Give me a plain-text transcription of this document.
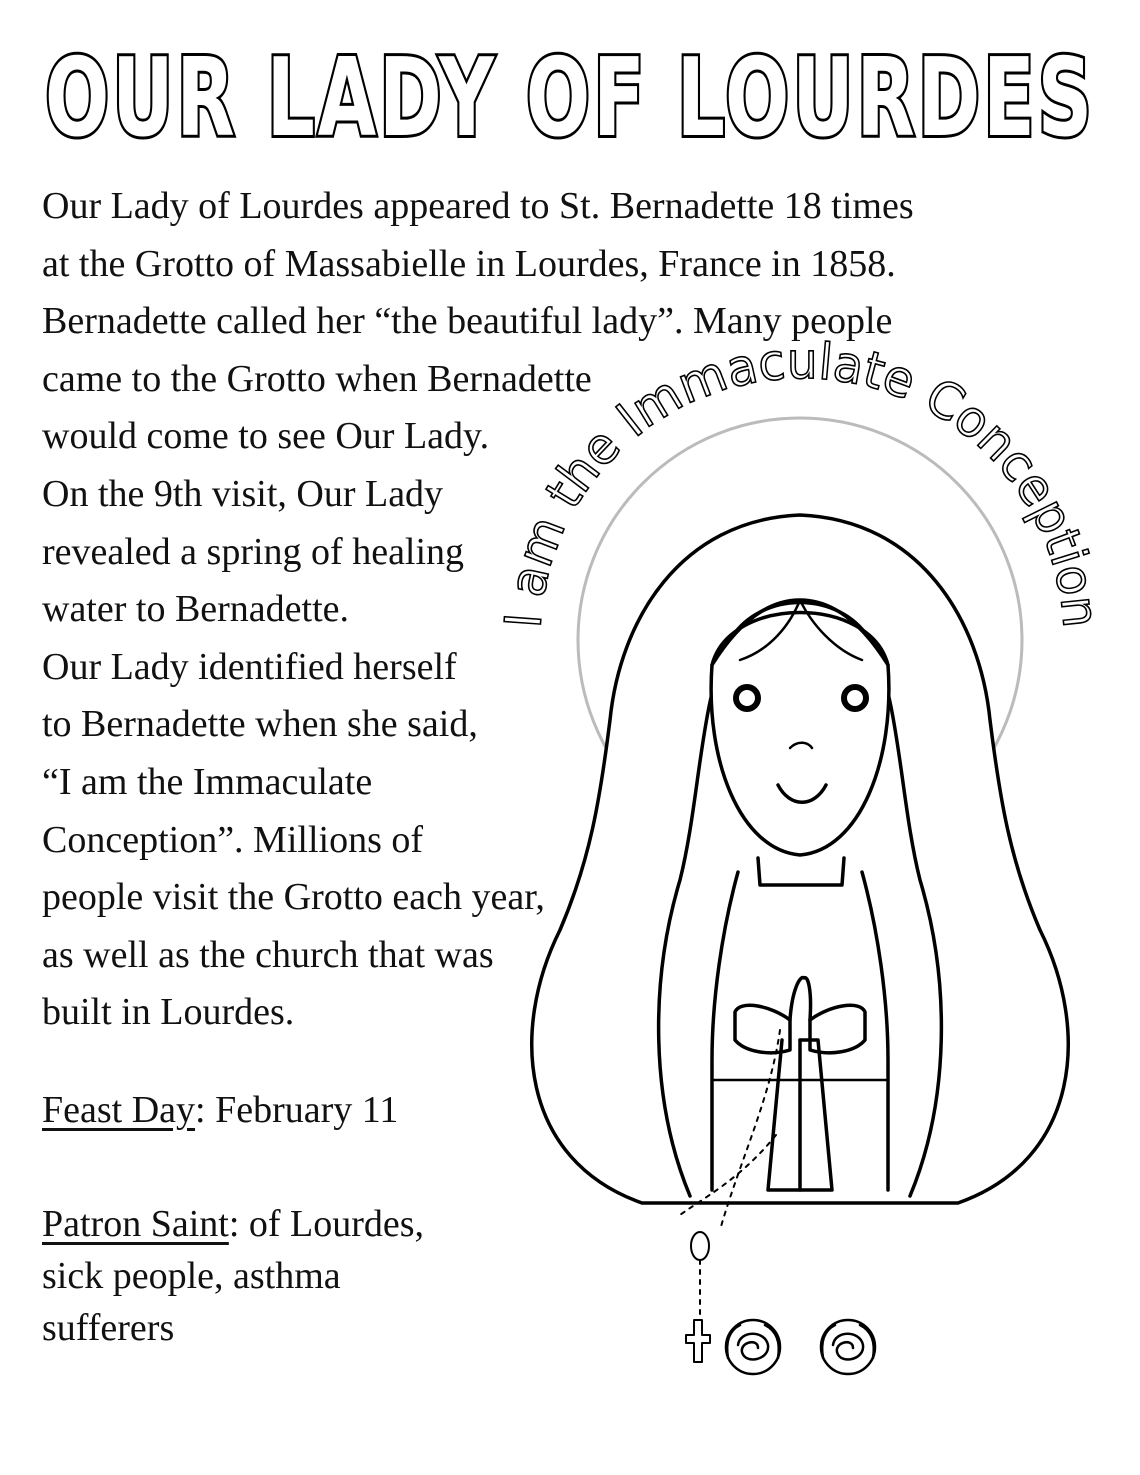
OUR LADY OF LOURDES

Our Lady of Lourdes appeared to St. Bernadette 18 times
at the Grotto of Massabielle in Lourdes, France in 1858.
Bernadette called her “the beautiful lady”. Many people
came to the Grotto when Bernadette
would come to see Our Lady.
On the 9th visit, Our Lady
revealed a spring of healing
water to Bernadette.
Our Lady identified herself
to Bernadette when she said,
“I am the Immaculate
Conception”. Millions of
people visit the Grotto each year,
as well as the church that was
built in Lourdes.

Feast Day: February 11

Patron Saint: of Lourdes,
sick people, asthma
sufferers

I am the Immaculate Conception
